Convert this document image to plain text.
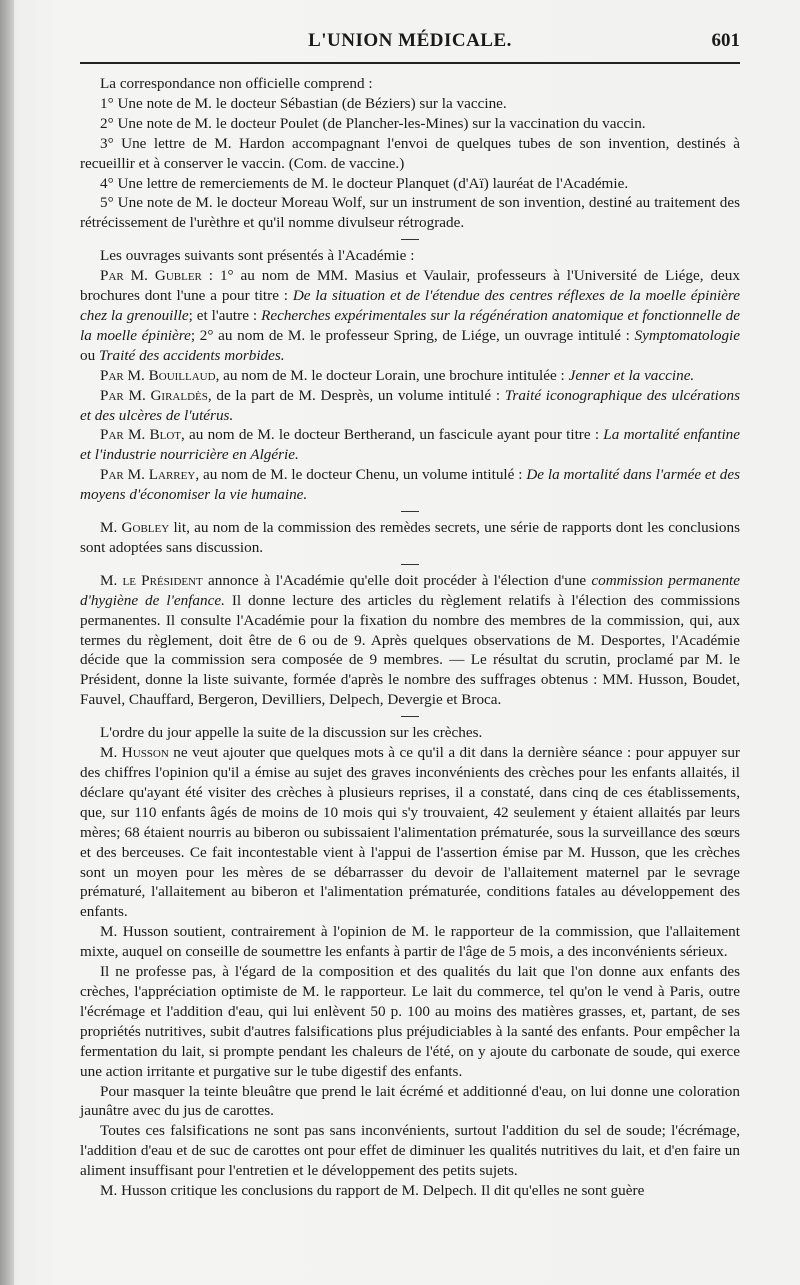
L'UNION MÉDICALE.	601

La correspondance non officielle comprend :

1° Une note de M. le docteur Sébastian (de Béziers) sur la vaccine.

2° Une note de M. le docteur Poulet (de Plancher-les-Mines) sur la vaccination du vaccin.

3° Une lettre de M. Hardon accompagnant l'envoi de quelques tubes de son invention, destinés à recueillir et à conserver le vaccin. (Com. de vaccine.)

4° Une lettre de remerciements de M. le docteur Planquet (d'Aï) lauréat de l'Académie.

5° Une note de M. le docteur Moreau Wolf, sur un instrument de son invention, destiné au traitement des rétrécissement de l'urèthre et qu'il nomme divulseur rétrograde.

Les ouvrages suivants sont présentés à l'Académie :

Par M. Gubler : 1° au nom de MM. Masius et Vaulair, professeurs à l'Université de Liége, deux brochures dont l'une a pour titre : De la situation et de l'étendue des centres réflexes de la moelle épinière chez la grenouille; et l'autre : Recherches expérimentales sur la régénération anatomique et fonctionnelle de la moelle épinière; 2° au nom de M. le professeur Spring, de Liége, un ouvrage intitulé : Symptomatologie ou Traité des accidents morbides.

Par M. Bouillaud, au nom de M. le docteur Lorain, une brochure intitulée : Jenner et la vaccine.

Par M. Giraldès, de la part de M. Desprès, un volume intitulé : Traité iconographique des ulcérations et des ulcères de l'utérus.

Par M. Blot, au nom de M. le docteur Bertherand, un fascicule ayant pour titre : La mortalité enfantine et l'industrie nourricière en Algérie.

Par M. Larrey, au nom de M. le docteur Chenu, un volume intitulé : De la mortalité dans l'armée et des moyens d'économiser la vie humaine.

M. Gobley lit, au nom de la commission des remèdes secrets, une série de rapports dont les conclusions sont adoptées sans discussion.

M. le Président annonce à l'Académie qu'elle doit procéder à l'élection d'une commission permanente d'hygiène de l'enfance. Il donne lecture des articles du règlement relatifs à l'élection des commissions permanentes. Il consulte l'Académie pour la fixation du nombre des membres de la commission, qui, aux termes du règlement, doit être de 6 ou de 9. Après quelques observations de M. Desportes, l'Académie décide que la commission sera composée de 9 membres. — Le résultat du scrutin, proclamé par M. le Président, donne la liste suivante, formée d'après le nombre des suffrages obtenus : MM. Husson, Boudet, Fauvel, Chauffard, Bergeron, Devilliers, Delpech, Devergie et Broca.

L'ordre du jour appelle la suite de la discussion sur les crèches.

M. Husson ne veut ajouter que quelques mots à ce qu'il a dit dans la dernière séance : pour appuyer sur des chiffres l'opinion qu'il a émise au sujet des graves inconvénients des crèches pour les enfants allaités, il déclare qu'ayant été visiter des crèches à plusieurs reprises, il a constaté, dans cinq de ces établissements, que, sur 110 enfants âgés de moins de 10 mois qui s'y trouvaient, 42 seulement y étaient allaités par leurs mères; 68 étaient nourris au biberon ou subissaient l'alimentation prématurée, sous la surveillance des sœurs et des berceuses. Ce fait incontestable vient à l'appui de l'assertion émise par M. Husson, que les crèches sont un moyen pour les mères de se débarrasser du devoir de l'allaitement maternel par le sevrage prématuré, l'allaitement au biberon et l'alimentation prématurée, conditions fatales au développement des enfants.

M. Husson soutient, contrairement à l'opinion de M. le rapporteur de la commission, que l'allaitement mixte, auquel on conseille de soumettre les enfants à partir de l'âge de 5 mois, a des inconvénients sérieux.

Il ne professe pas, à l'égard de la composition et des qualités du lait que l'on donne aux enfants des crèches, l'appréciation optimiste de M. le rapporteur. Le lait du commerce, tel qu'on le vend à Paris, outre l'écrémage et l'addition d'eau, qui lui enlèvent 50 p. 100 au moins des matières grasses, et, partant, de ses propriétés nutritives, subit d'autres falsifications plus préjudiciables à la santé des enfants. Pour empêcher la fermentation du lait, si prompte pendant les chaleurs de l'été, on y ajoute du carbonate de soude, qui exerce une action irritante et purgative sur le tube digestif des enfants.

Pour masquer la teinte bleuâtre que prend le lait écrémé et additionné d'eau, on lui donne une coloration jaunâtre avec du jus de carottes.

Toutes ces falsifications ne sont pas sans inconvénients, surtout l'addition du sel de soude; l'écrémage, l'addition d'eau et de suc de carottes ont pour effet de diminuer les qualités nutritives du lait, et d'en faire un aliment insuffisant pour l'entretien et le développement des petits sujets.

M. Husson critique les conclusions du rapport de M. Delpech. Il dit qu'elles ne sont guère
